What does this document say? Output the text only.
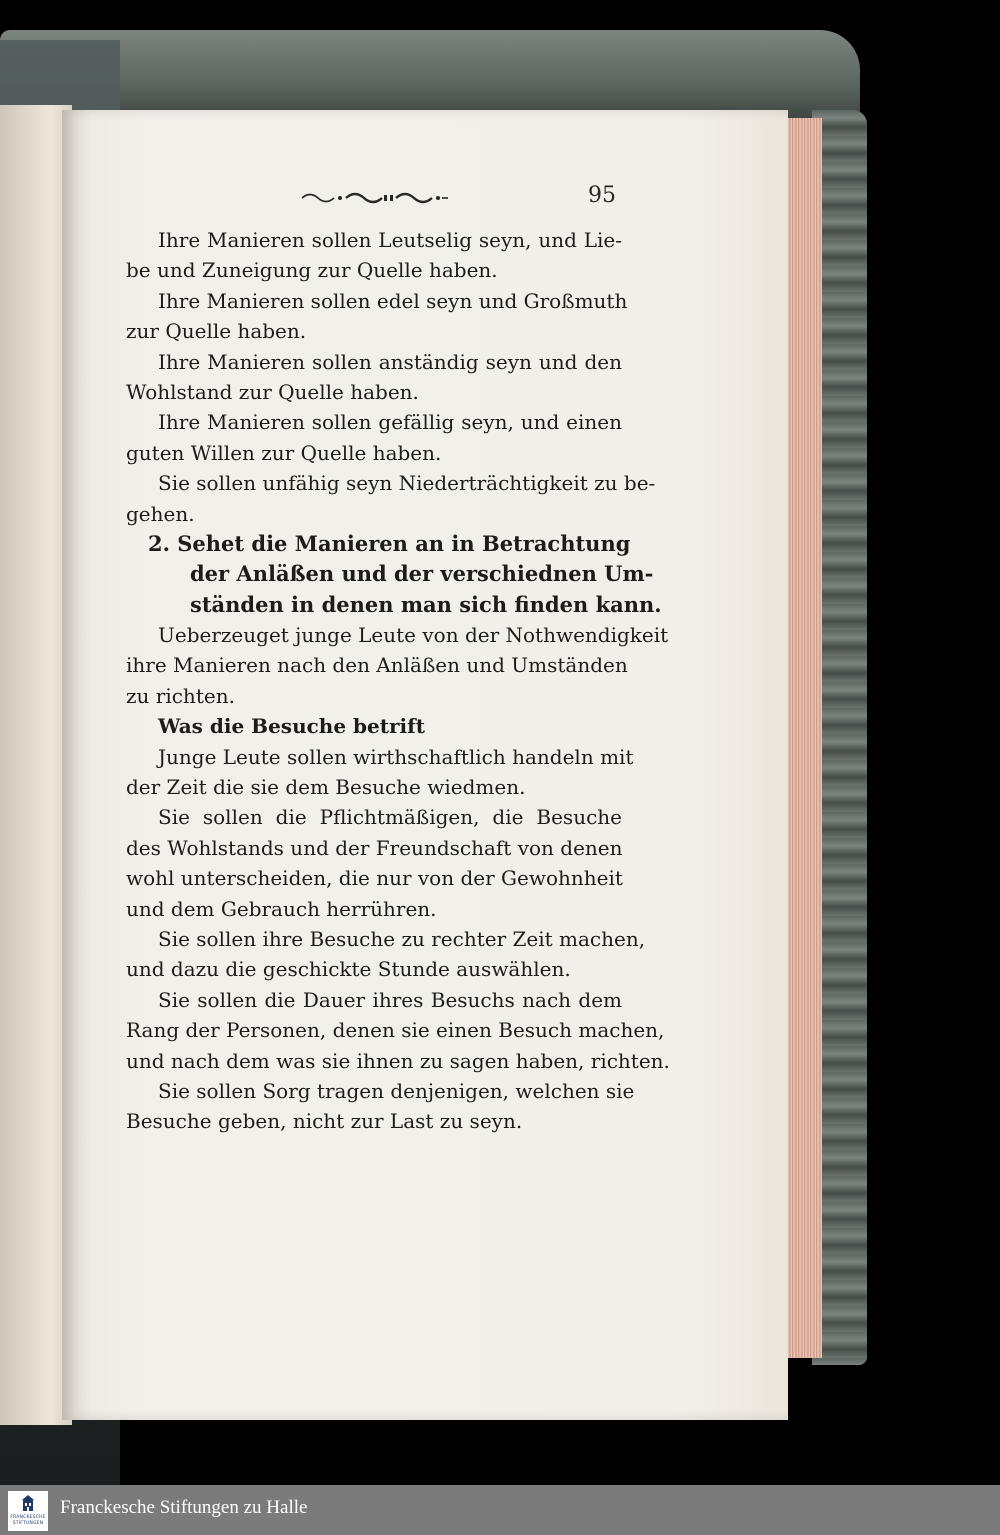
95
Ihre Manieren sollen Leutselig seyn, und Lie-
be und Zuneigung zur Quelle haben.
Ihre Manieren sollen edel seyn und Großmuth
zur Quelle haben.
Ihre Manieren sollen anständig seyn und den
Wohlstand zur Quelle haben.
Ihre Manieren sollen gefällig seyn, und einen
guten Willen zur Quelle haben.
Sie sollen unfähig seyn Niederträchtigkeit zu be-
gehen.
2. Sehet die Manieren an in Betrachtung
der Anläßen und der verschiednen Um-
ständen in denen man sich finden kann.
Ueberzeuget junge Leute von der Nothwendigkeit
ihre Manieren nach den Anläßen und Umständen
zu richten.
Was die Besuche betrift
Junge Leute sollen wirthschaftlich handeln mit
der Zeit die sie dem Besuche wiedmen.
Sie sollen die Pflichtmäßigen, die Besuche
des Wohlstands und der Freundschaft von denen
wohl unterscheiden, die nur von der Gewohnheit
und dem Gebrauch herrühren.
Sie sollen ihre Besuche zu rechter Zeit machen,
und dazu die geschickte Stunde auswählen.
Sie sollen die Dauer ihres Besuchs nach dem
Rang der Personen, denen sie einen Besuch machen,
und nach dem was sie ihnen zu sagen haben, richten.
Sie sollen Sorg tragen denjenigen, welchen sie
Besuche geben, nicht zur Last zu seyn.
FRANCKESCHE
STIFTUNGEN
Franckesche Stiftungen zu Halle
